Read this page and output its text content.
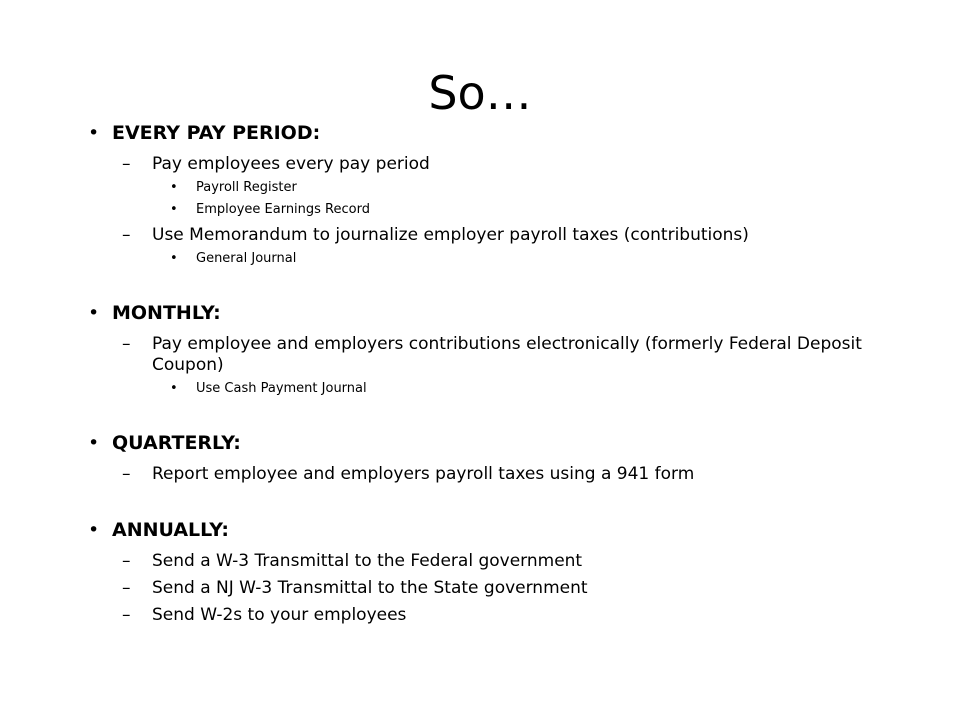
So…
• EVERY PAY PERIOD:
– Pay employees every pay period
• Payroll Register
• Employee Earnings Record
– Use Memorandum to journalize employer payroll taxes (contributions)
• General Journal
• MONTHLY:
– Pay employee and employers contributions electronically (formerly Federal Deposit Coupon)
• Use Cash Payment Journal
• QUARTERLY:
– Report employee and employers payroll taxes using a 941 form
• ANNUALLY:
– Send a W-3 Transmittal to the Federal government
– Send a NJ W-3 Transmittal to the State government
– Send W-2s to your employees
